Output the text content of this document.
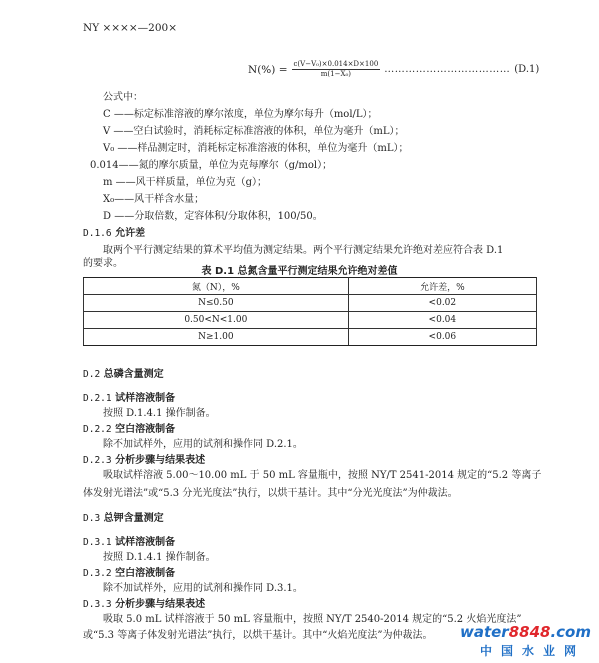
NY ××××—200×
$N(\%) = \frac{\text{c(V−V₀)×0.014×D×100}}{\text{m(1−X₀)}}$ ……………………………… (D.1)
公式中：
C ——标定标准溶液的摩尔浓度，单位为摩尔每升（mol/L）；
V ——空白试验时，消耗标定标准溶液的体积，单位为毫升（mL）；
V₀ ——样品测定时，消耗标定标准溶液的体积，单位为毫升（mL）；
0.014——氮的摩尔质量，单位为克每摩尔（g/mol）；
m ——风干样质量，单位为克（g）；
X₀——风干样含水量；
D ——分取倍数，定容体积/分取体积，100/50。
D.1.6 允许差
取两个平行测定结果的算术平均值为测定结果。两个平行测定结果允许绝对差应符合表 D.1
的要求。
表 D.1 总氮含量平行测定结果允许绝对差值
氮（N），%	允许差，%
N≤0.50	<0.02
0.50<N<1.00	<0.04
N≥1.00	<0.06
D.2 总磷含量测定
D.2.1 试样溶液制备
按照 D.1.4.1 操作制备。
D.2.2 空白溶液制备
除不加试样外，应用的试剂和操作同 D.2.1。
D.2.3 分析步骤与结果表述
吸取试样溶液 5.00～10.00 mL 于 50 mL 容量瓶中，按照 NY/T 2541-2014 规定的“5.2 等离子
体发射光谱法”或“5.3 分光光度法”执行，以烘干基计。其中“分光光度法”为仲裁法。
D.3 总钾含量测定
D.3.1 试样溶液制备
按照 D.1.4.1 操作制备。
D.3.2 空白溶液制备
除不加试样外，应用的试剂和操作同 D.3.1。
D.3.3 分析步骤与结果表述
吸取 5.0 mL 试样溶液于 50 mL 容量瓶中，按照 NY/T 2540-2014 规定的“5.2 火焰光度法”
或“5.3 等离子体发射光谱法”执行，以烘干基计。其中“火焰光度法”为仲裁法。 water8848.com
中国水业网
